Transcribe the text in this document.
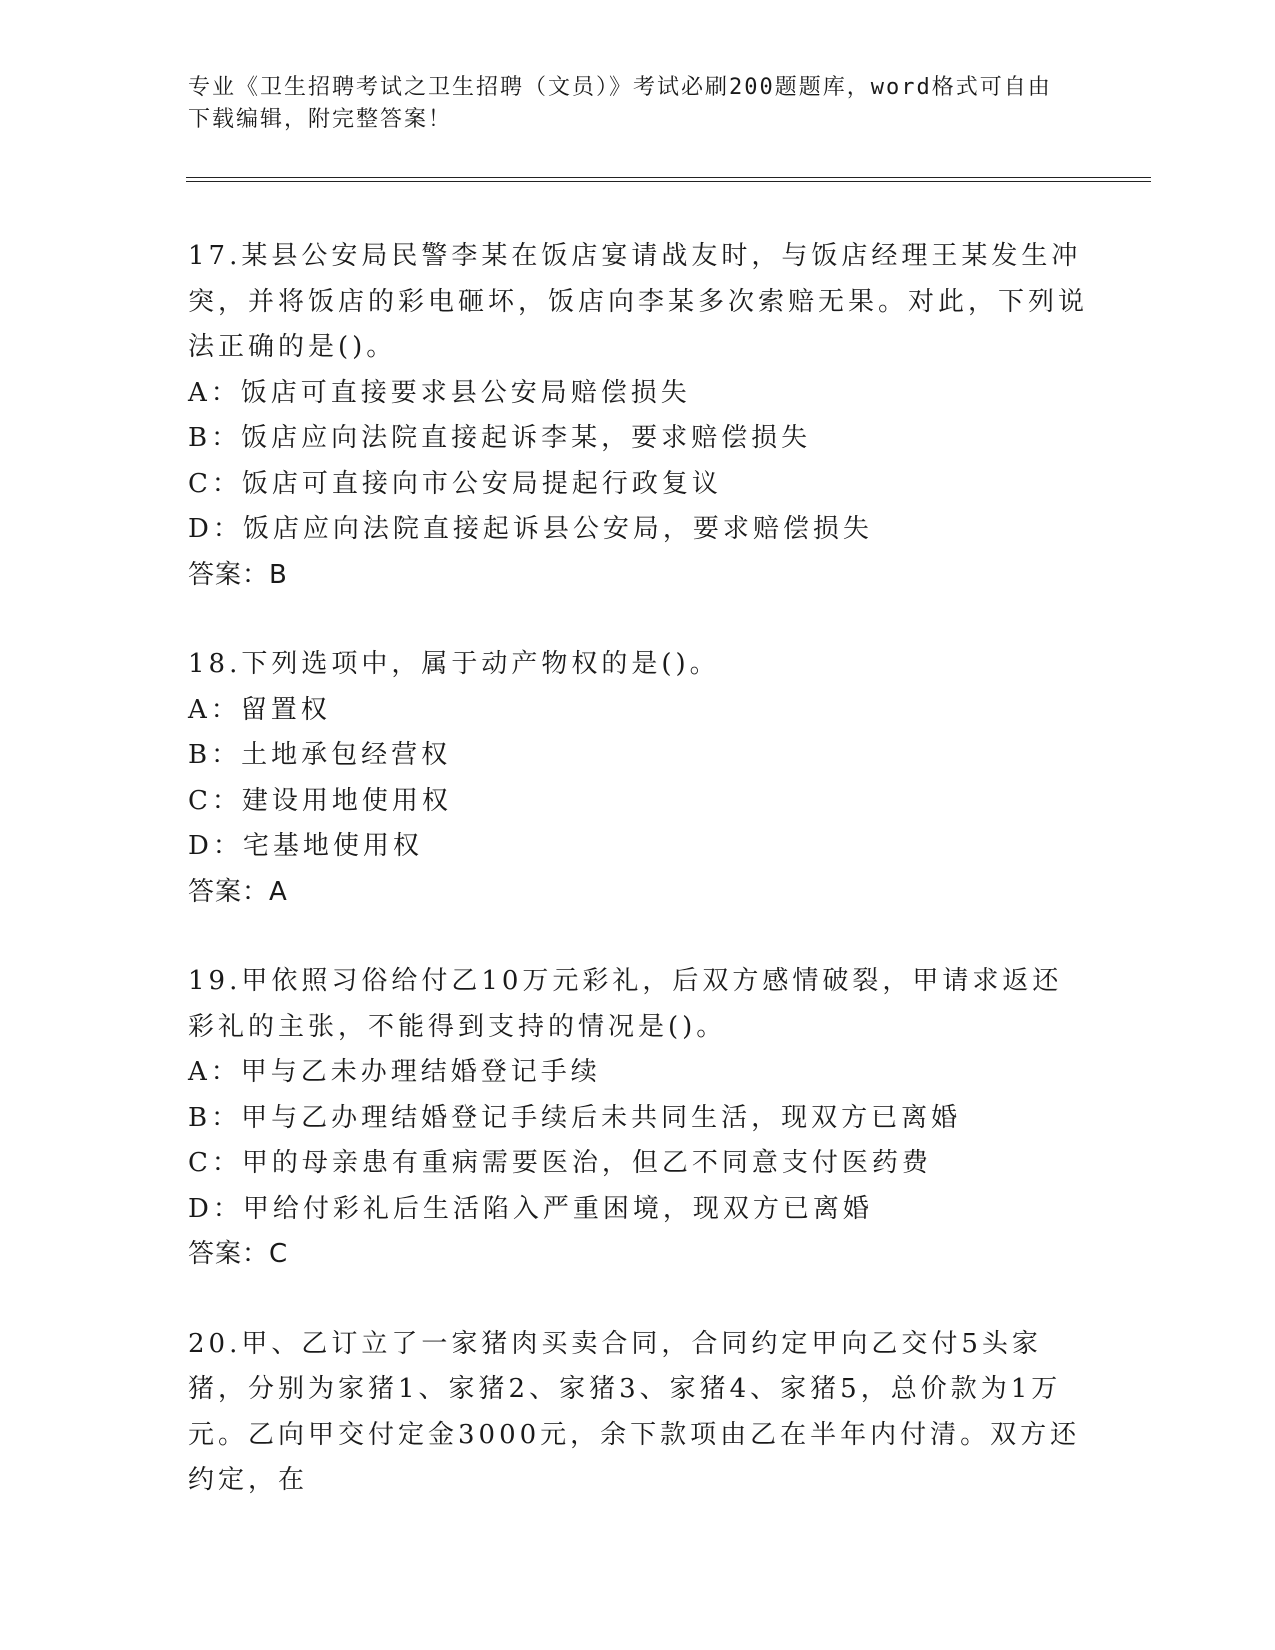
专业《卫生招聘考试之卫生招聘（文员）》考试必刷200题题库，word格式可自由下载编辑，附完整答案！
17.某县公安局民警李某在饭店宴请战友时，与饭店经理王某发生冲突，并将饭店的彩电砸坏，饭店向李某多次索赔无果。对此，下列说法正确的是()。
A：饭店可直接要求县公安局赔偿损失
B：饭店应向法院直接起诉李某，要求赔偿损失
C：饭店可直接向市公安局提起行政复议
D：饭店应向法院直接起诉县公安局，要求赔偿损失
答案：B
18.下列选项中，属于动产物权的是()。
A：留置权
B：土地承包经营权
C：建设用地使用权
D：宅基地使用权
答案：A
19.甲依照习俗给付乙10万元彩礼，后双方感情破裂，甲请求返还彩礼的主张，不能得到支持的情况是()。
A：甲与乙未办理结婚登记手续
B：甲与乙办理结婚登记手续后未共同生活，现双方已离婚
C：甲的母亲患有重病需要医治，但乙不同意支付医药费
D：甲给付彩礼后生活陷入严重困境，现双方已离婚
答案：C
20.甲、乙订立了一家猪肉买卖合同，合同约定甲向乙交付5头家猪，分别为家猪1、家猪2、家猪3、家猪4、家猪5，总价款为1万元。乙向甲交付定金3000元，余下款项由乙在半年内付清。双方还约定，在
